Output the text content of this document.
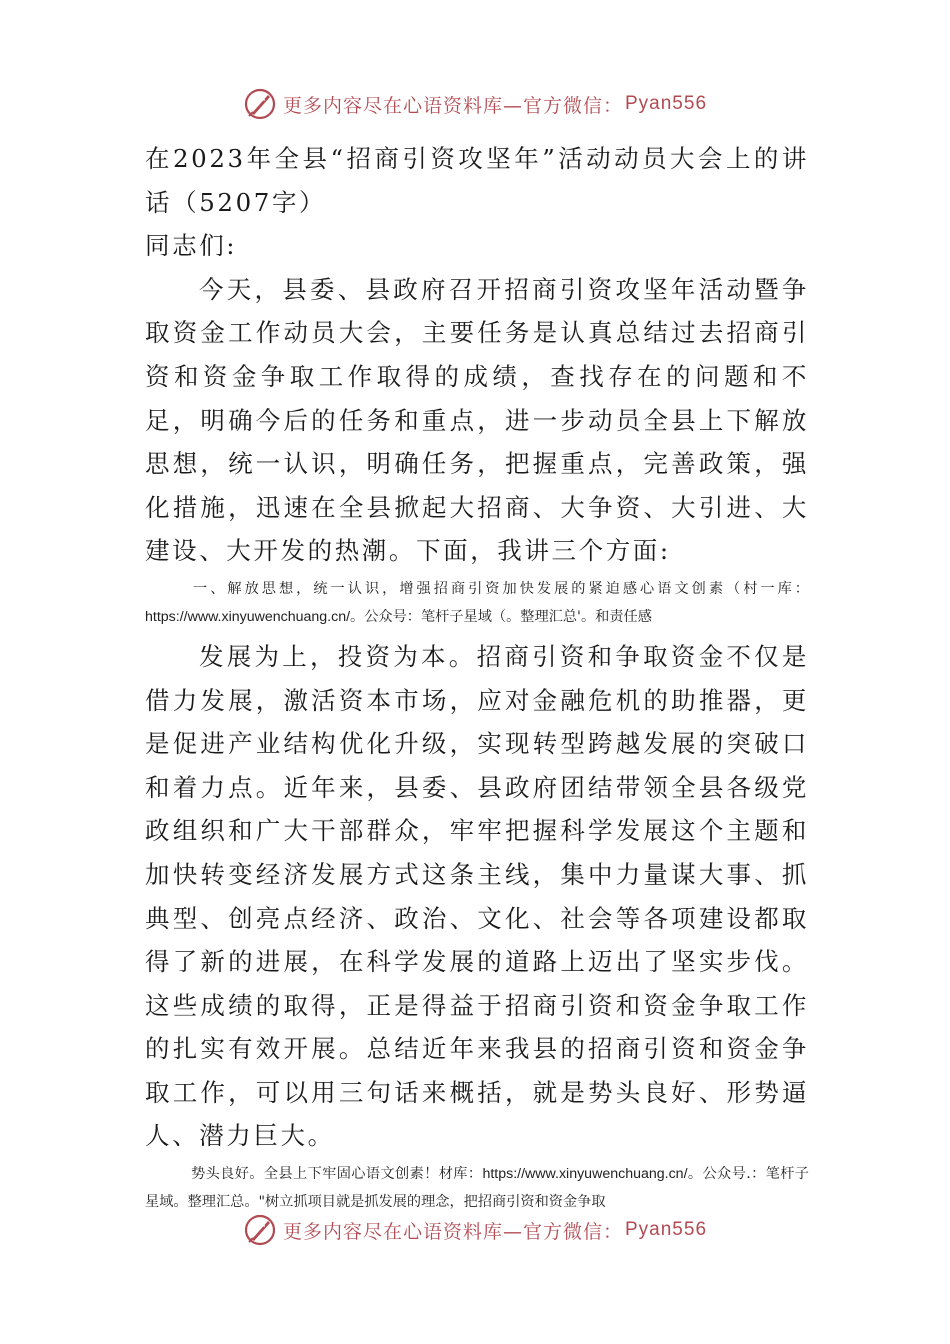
更多内容尽在心语资料库—官方微信： Pyan556

在2023年全县“招商引资攻坚年”活动动员大会上的讲话（5207字）

同志们:

今天，县委、县政府召开招商引资攻坚年活动暨争取资金工作动员大会，主要任务是认真总结过去招商引资和资金争取工作取得的成绩，查找存在的问题和不足，明确今后的任务和重点，进一步动员全县上下解放思想，统一认识，明确任务，把握重点，完善政策，强化措施，迅速在全县掀起大招商、大争资、大引进、大建设、大开发的热潮。下面，我讲三个方面:

一、解放思想，统一认识，增强招商引资加快发展的紧迫感心语文创素（村一库：https://www.xinyuwenchuang.cn/。公众号：笔杆子星域（。整理汇总'。和责任感

发展为上，投资为本。招商引资和争取资金不仅是借力发展，激活资本市场，应对金融危机的助推器，更是促进产业结构优化升级，实现转型跨越发展的突破口和着力点。近年来，县委、县政府团结带领全县各级党政组织和广大干部群众，牢牢把握科学发展这个主题和加快转变经济发展方式这条主线，集中力量谋大事、抓典型、创亮点经济、政治、文化、社会等各项建设都取得了新的进展，在科学发展的道路上迈出了坚实步伐。这些成绩的取得，正是得益于招商引资和资金争取工作的扎实有效开展。总结近年来我县的招商引资和资金争取工作，可以用三句话来概括，就是势头良好、形势逼人、潜力巨大。

势头良好。全县上下牢固心语文创素！材库：https://www.xinyuwenchuang.cn/。公众号.：笔杆子星域。整理汇总。"树立抓项目就是抓发展的理念，把招商引资和资金争取

更多内容尽在心语资料库—官方微信： Pyan556
